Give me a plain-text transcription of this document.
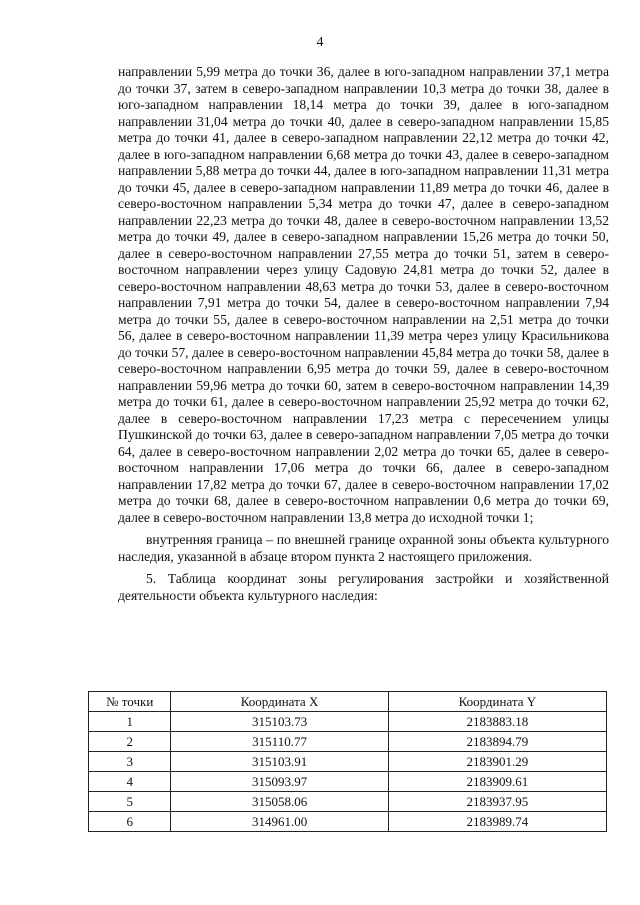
4

направлении 5,99 метра до точки 36, далее в юго-западном направлении 37,1 метра до точки 37, затем в северо-западном направлении 10,3 метра до точки 38, далее в юго-западном направлении 18,14 метра до точки 39, далее в юго-западном направлении 31,04 метра до точки 40, далее в северо-западном направлении 15,85 метра до точки 41, далее в северо-западном направлении 22,12 метра до точки 42, далее в юго-западном направлении 6,68 метра до точки 43, далее в северо-западном направлении 5,88 метра до точки 44, далее в юго-западном направлении 11,31 метра до точки 45, далее в северо-западном направлении 11,89 метра до точки 46, далее в северо-восточном направлении 5,34 метра до точки 47, далее в северо-западном направлении 22,23 метра до точки 48, далее в северо-восточном направлении 13,52 метра до точки 49, далее в северо-западном направлении 15,26 метра до точки 50, далее в северо-восточном направлении 27,55 метра до точки 51, затем в северо-восточном направлении через улицу Садовую 24,81 метра до точки 52, далее в северо-восточном направлении 48,63 метра до точки 53, далее в северо-восточном направлении 7,91 метра до точки 54, далее в северо-восточном направлении 7,94 метра до точки 55, далее в северо-восточном направлении на 2,51 метра до точки 56, далее в северо-восточном направлении 11,39 метра через улицу Красильникова до точки 57, далее в северо-восточном направлении 45,84 метра до точки 58, далее в северо-восточном направлении 6,95 метра до точки 59, далее в северо-восточном направлении 59,96 метра до точки 60, затем в северо-восточном направлении 14,39 метра до точки 61, далее в северо-восточном направлении 25,92 метра до точки 62, далее в северо-восточном направлении 17,23 метра с пересечением улицы Пушкинской до точки 63, далее в северо-западном направлении 7,05 метра до точки 64, далее в северо-восточном направлении 2,02 метра до точки 65, далее в северо-восточном направлении 17,06 метра до точки 66, далее в северо-западном направлении 17,82 метра до точки 67, далее в северо-восточном направлении 17,02 метра до точки 68, далее в северо-восточном направлении 0,6 метра до точки 69, далее в северо-восточном направлении 13,8 метра до исходной точки 1;

внутренняя граница – по внешней границе охранной зоны объекта культурного наследия, указанной в абзаце втором пункта 2 настоящего приложения.

5. Таблица координат зоны регулирования застройки и хозяйственной деятельности объекта культурного наследия:

№ точки	Координата X	Координата Y
1	315103.73	2183883.18
2	315110.77	2183894.79
3	315103.91	2183901.29
4	315093.97	2183909.61
5	315058.06	2183937.95
6	314961.00	2183989.74
